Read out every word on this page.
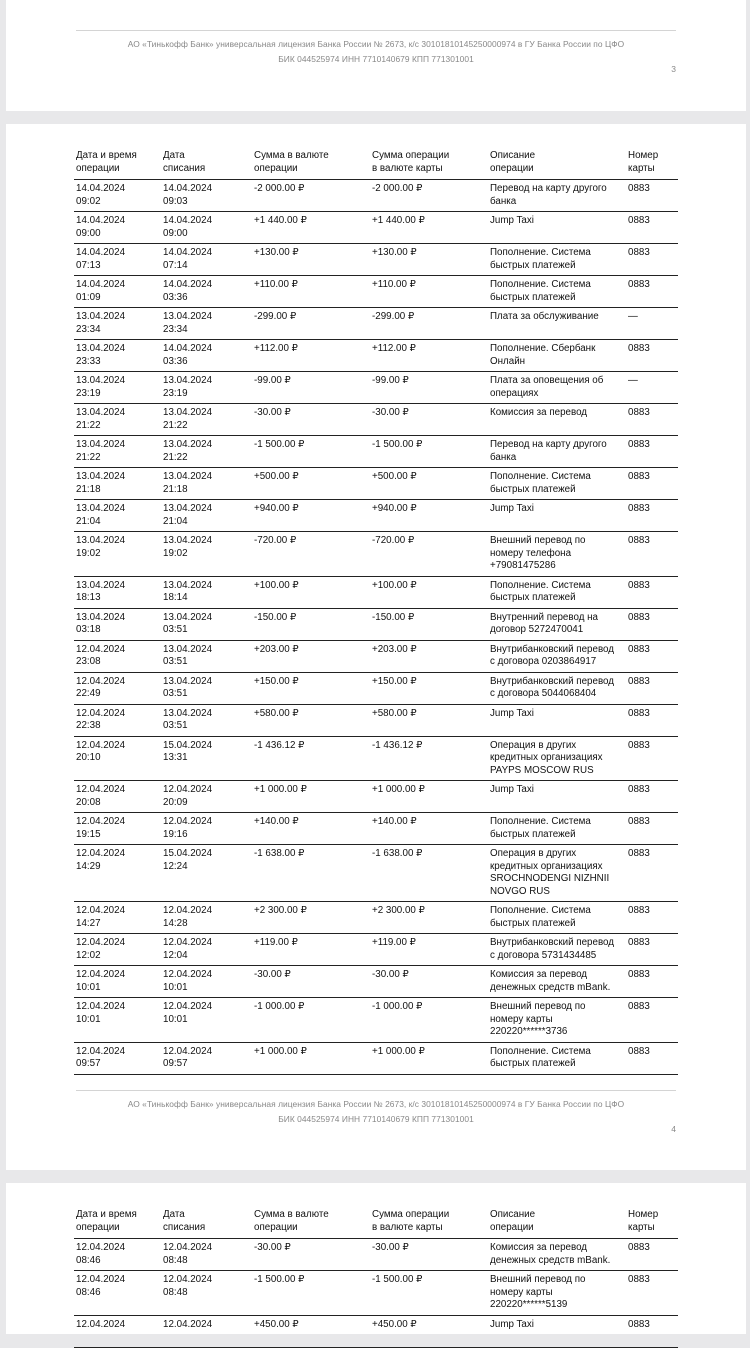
АО «Тинькофф Банк» универсальная лицензия Банка России № 2673, к/с 30101810145250000974 в ГУ Банка России по ЦФО
БИК 044525974 ИНН 7710140679 КПП 771301001
3
Дата и время
операции	Дата
списания	Сумма в валюте
операции	Сумма операции
в валюте карты	Описание
операции	Номер
карты
14.04.2024
09:02	14.04.2024
09:03	-2 000.00 ₽	-2 000.00 ₽	Перевод на карту другого
банка	0883
14.04.2024
09:00	14.04.2024
09:00	+1 440.00 ₽	+1 440.00 ₽	Jump Taxi	0883
14.04.2024
07:13	14.04.2024
07:14	+130.00 ₽	+130.00 ₽	Пополнение. Система
быстрых платежей	0883
14.04.2024
01:09	14.04.2024
03:36	+110.00 ₽	+110.00 ₽	Пополнение. Система
быстрых платежей	0883
13.04.2024
23:34	13.04.2024
23:34	-299.00 ₽	-299.00 ₽	Плата за обслуживание	—
13.04.2024
23:33	14.04.2024
03:36	+112.00 ₽	+112.00 ₽	Пополнение. Сбербанк
Онлайн	0883
13.04.2024
23:19	13.04.2024
23:19	-99.00 ₽	-99.00 ₽	Плата за оповещения об
операциях	—
13.04.2024
21:22	13.04.2024
21:22	-30.00 ₽	-30.00 ₽	Комиссия за перевод	0883
13.04.2024
21:22	13.04.2024
21:22	-1 500.00 ₽	-1 500.00 ₽	Перевод на карту другого
банка	0883
13.04.2024
21:18	13.04.2024
21:18	+500.00 ₽	+500.00 ₽	Пополнение. Система
быстрых платежей	0883
13.04.2024
21:04	13.04.2024
21:04	+940.00 ₽	+940.00 ₽	Jump Taxi	0883
13.04.2024
19:02	13.04.2024
19:02	-720.00 ₽	-720.00 ₽	Внешний перевод по
номеру телефона
+79081475286	0883
13.04.2024
18:13	13.04.2024
18:14	+100.00 ₽	+100.00 ₽	Пополнение. Система
быстрых платежей	0883
13.04.2024
03:18	13.04.2024
03:51	-150.00 ₽	-150.00 ₽	Внутренний перевод на
договор 5272470041	0883
12.04.2024
23:08	13.04.2024
03:51	+203.00 ₽	+203.00 ₽	Внутрибанковский перевод
с договора 0203864917	0883
12.04.2024
22:49	13.04.2024
03:51	+150.00 ₽	+150.00 ₽	Внутрибанковский перевод
с договора 5044068404	0883
12.04.2024
22:38	13.04.2024
03:51	+580.00 ₽	+580.00 ₽	Jump Taxi	0883
12.04.2024
20:10	15.04.2024
13:31	-1 436.12 ₽	-1 436.12 ₽	Операция в других
кредитных организациях
PAYPS MOSCOW RUS	0883
12.04.2024
20:08	12.04.2024
20:09	+1 000.00 ₽	+1 000.00 ₽	Jump Taxi	0883
12.04.2024
19:15	12.04.2024
19:16	+140.00 ₽	+140.00 ₽	Пополнение. Система
быстрых платежей	0883
12.04.2024
14:29	15.04.2024
12:24	-1 638.00 ₽	-1 638.00 ₽	Операция в других
кредитных организациях
SROCHNODENGI NIZHNII
NOVGO RUS	0883
12.04.2024
14:27	12.04.2024
14:28	+2 300.00 ₽	+2 300.00 ₽	Пополнение. Система
быстрых платежей	0883
12.04.2024
12:02	12.04.2024
12:04	+119.00 ₽	+119.00 ₽	Внутрибанковский перевод
с договора 5731434485	0883
12.04.2024
10:01	12.04.2024
10:01	-30.00 ₽	-30.00 ₽	Комиссия за перевод
денежных средств mBank.	0883
12.04.2024
10:01	12.04.2024
10:01	-1 000.00 ₽	-1 000.00 ₽	Внешний перевод по
номеру карты
220220******3736	0883
12.04.2024
09:57	12.04.2024
09:57	+1 000.00 ₽	+1 000.00 ₽	Пополнение. Система
быстрых платежей	0883
АО «Тинькофф Банк» универсальная лицензия Банка России № 2673, к/с 30101810145250000974 в ГУ Банка России по ЦФО
БИК 044525974 ИНН 7710140679 КПП 771301001
4
Дата и время
операции	Дата
списания	Сумма в валюте
операции	Сумма операции
в валюте карты	Описание
операции	Номер
карты
12.04.2024
08:46	12.04.2024
08:48	-30.00 ₽	-30.00 ₽	Комиссия за перевод
денежных средств mBank.	0883
12.04.2024
08:46	12.04.2024
08:48	-1 500.00 ₽	-1 500.00 ₽	Внешний перевод по
номеру карты
220220******5139	0883
12.04.2024	12.04.2024	+450.00 ₽	+450.00 ₽	Jump Taxi	0883
